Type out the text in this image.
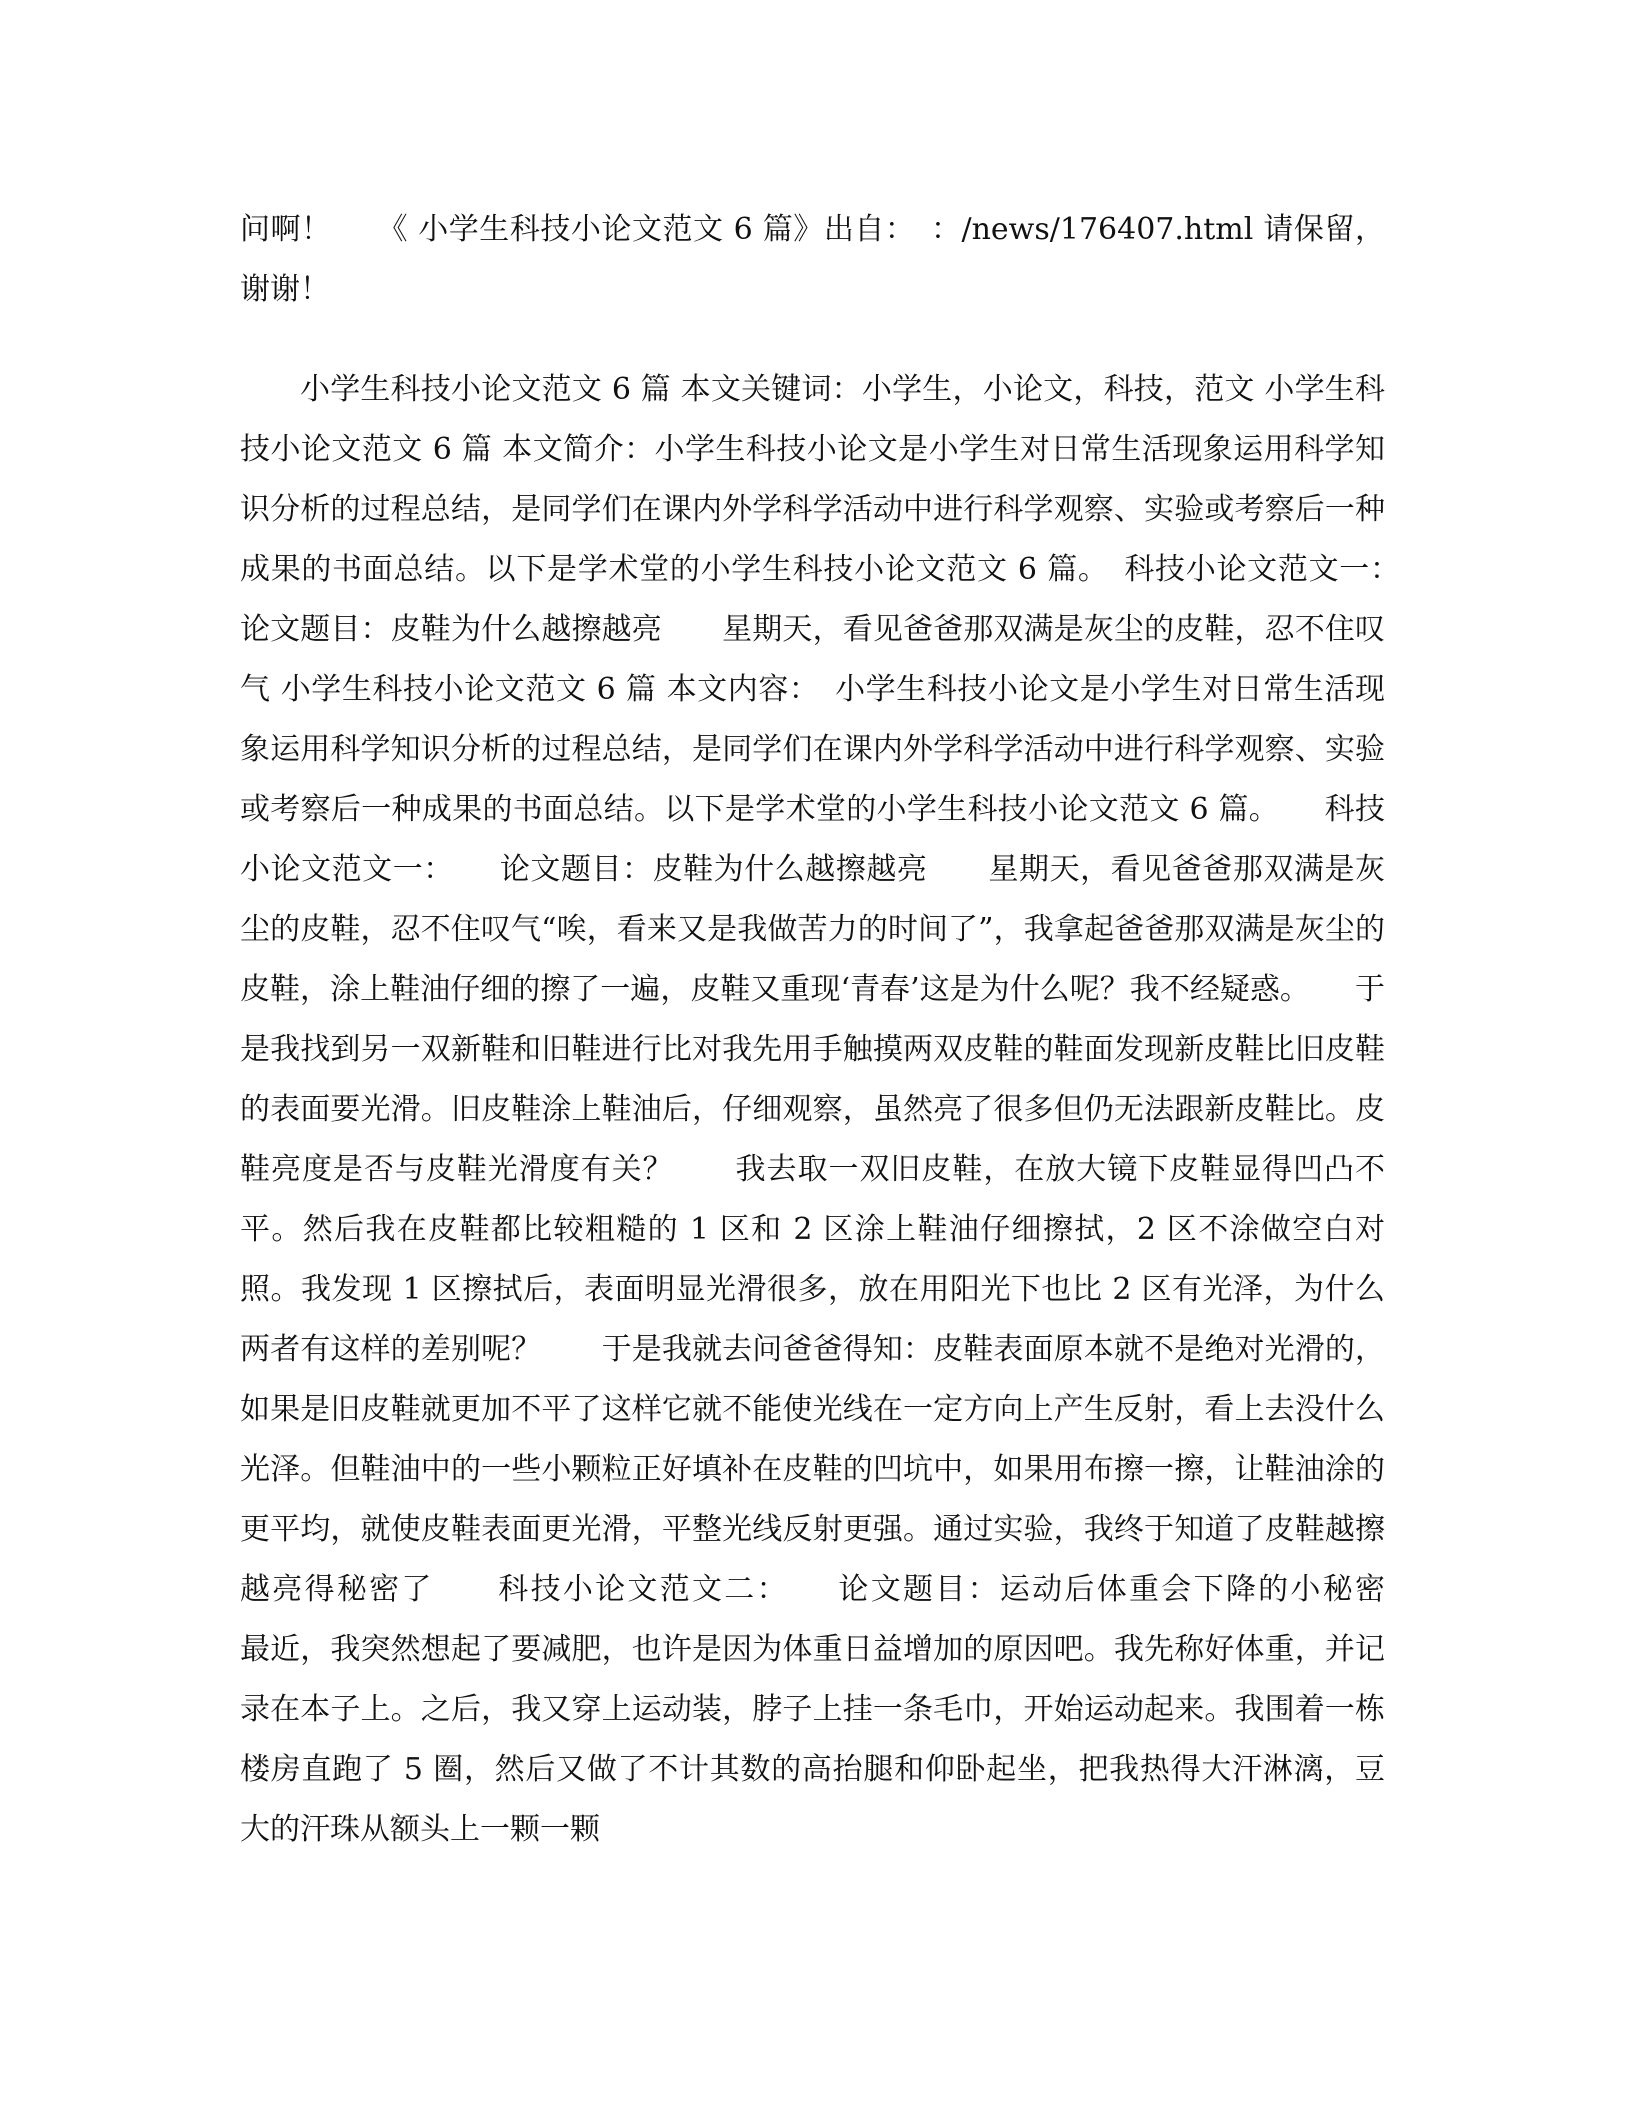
问啊！　　《 小学生科技小论文范文 6 篇》出自：　：/news/176407.html 请保留，谢谢！
小学生科技小论文范文 6 篇 本文关键词：小学生，小论文，科技，范文 小学生科技小论文范文 6 篇 本文简介：小学生科技小论文是小学生对日常生活现象运用科学知识分析的过程总结，是同学们在课内外学科学活动中进行科学观察、实验或考察后一种成果的书面总结。以下是学术堂的小学生科技小论文范文 6 篇。　科技小论文范文一：　　论文题目：皮鞋为什么越擦越亮　　星期天，看见爸爸那双满是灰尘的皮鞋，忍不住叹气 小学生科技小论文范文 6 篇 本文内容：　小学生科技小论文是小学生对日常生活现象运用科学知识分析的过程总结，是同学们在课内外学科学活动中进行科学观察、实验或考察后一种成果的书面总结。以下是学术堂的小学生科技小论文范文 6 篇。　　科技小论文范文一：　　论文题目：皮鞋为什么越擦越亮　　星期天，看见爸爸那双满是灰尘的皮鞋，忍不住叹气“唉，看来又是我做苦力的时间了”，我拿起爸爸那双满是灰尘的皮鞋，涂上鞋油仔细的擦了一遍，皮鞋又重现‘青春’这是为什么呢？我不经疑惑。　　于是我找到另一双新鞋和旧鞋进行比对我先用手触摸两双皮鞋的鞋面发现新皮鞋比旧皮鞋的表面要光滑。旧皮鞋涂上鞋油后，仔细观察，虽然亮了很多但仍无法跟新皮鞋比。皮鞋亮度是否与皮鞋光滑度有关？　　我去取一双旧皮鞋，在放大镜下皮鞋显得凹凸不平。然后我在皮鞋都比较粗糙的 1 区和 2 区涂上鞋油仔细擦拭，2 区不涂做空白对照。我发现 1 区擦拭后，表面明显光滑很多，放在用阳光下也比 2 区有光泽，为什么两者有这样的差别呢？　　于是我就去问爸爸得知：皮鞋表面原本就不是绝对光滑的，如果是旧皮鞋就更加不平了这样它就不能使光线在一定方向上产生反射，看上去没什么光泽。但鞋油中的一些小颗粒正好填补在皮鞋的凹坑中，如果用布擦一擦，让鞋油涂的更平均，就使皮鞋表面更光滑，平整光线反射更强。通过实验，我终于知道了皮鞋越擦越亮得秘密了　　科技小论文范文二：　　论文题目：运动后体重会下降的小秘密　　最近，我突然想起了要减肥，也许是因为体重日益增加的原因吧。我先称好体重，并记录在本子上。之后，我又穿上运动装，脖子上挂一条毛巾，开始运动起来。我围着一栋楼房直跑了 5 圈，然后又做了不计其数的高抬腿和仰卧起坐，把我热得大汗淋漓，豆大的汗珠从额头上一颗一颗
